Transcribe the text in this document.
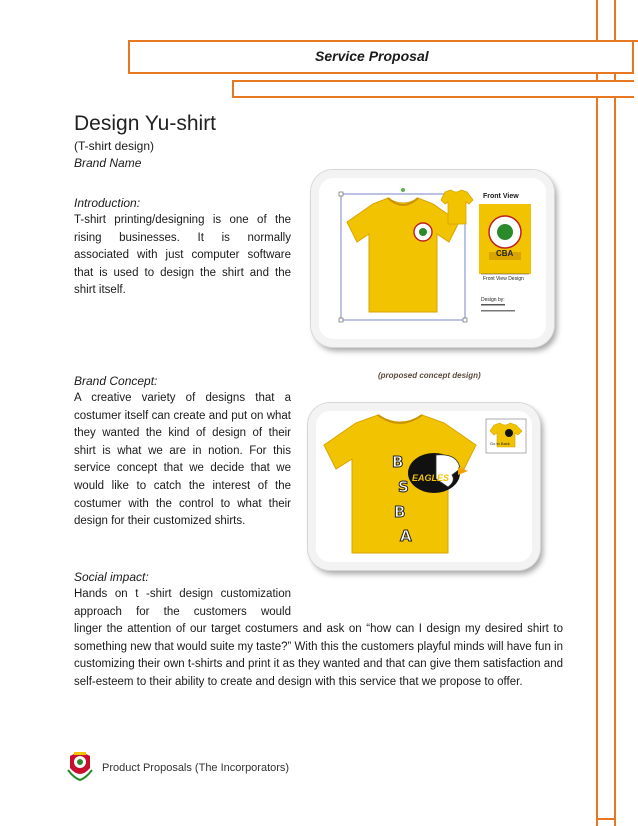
Service Proposal
Design Yu-shirt
(T-shirt design)
Brand Name
Introduction:
T-shirt printing/designing is one of the rising businesses. It is normally associated with just computer software that is used to design the shirt and the shirt itself.
Front View
CBA
Front View Design
Design by:
(proposed concept design)
Brand Concept:
A creative variety of designs that a costumer itself can create and put on what they wanted the kind of design of their shirt is what we are in notion. For this service concept that we decide that we would like to catch the interest of the costumer with the control to what their design for their customized shirts.
B
S
B
A
EAGLES
Go to Back
Social impact:
Hands on t -shirt design customization approach for the customers would
linger the attention of our target costumers and ask on “how can I design my desired shirt to something new that would suite my taste?” With this the customers playful minds will have fun in customizing their own t-shirts and print it as they wanted and that can give them satisfaction and self-esteem to their ability to create and design with this service that we propose to offer.
Product Proposals (The Incorporators)
